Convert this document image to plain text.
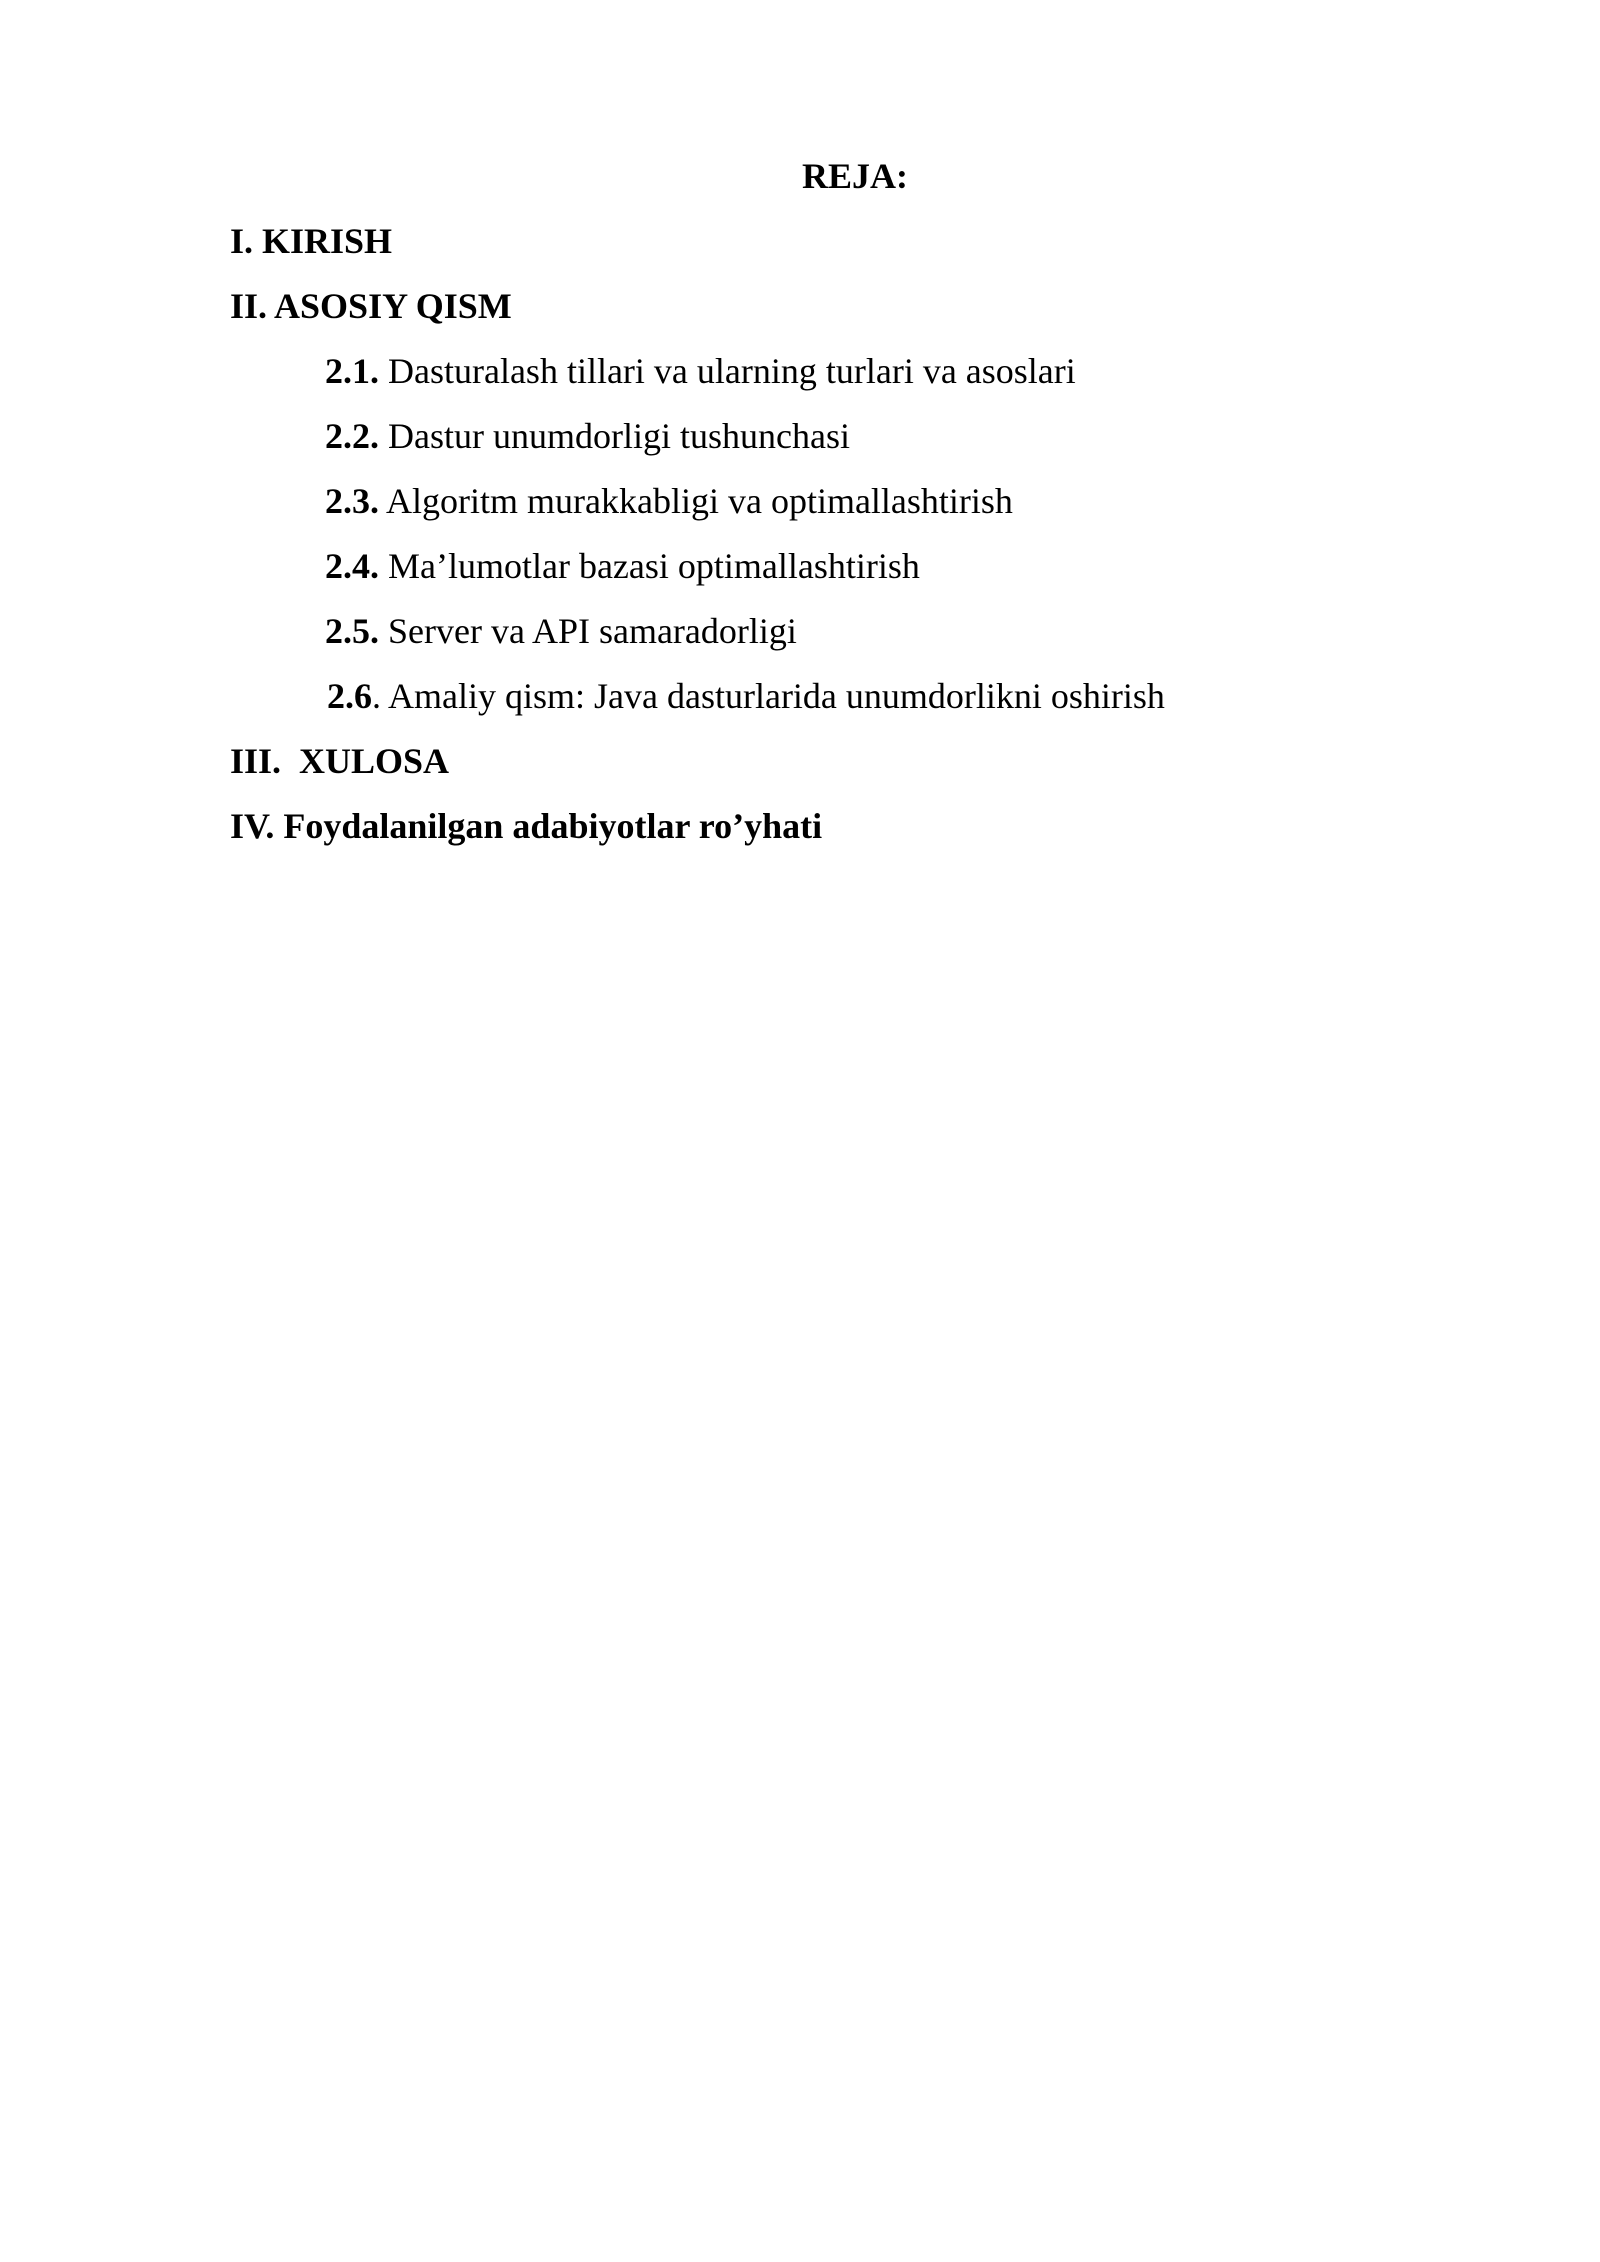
REJA:
I. KIRISH
II. ASOSIY QISM
2.1. Dasturalash tillari va ularning turlari va asoslari
2.2. Dastur unumdorligi tushunchasi
2.3. Algoritm murakkabligi va optimallashtirish
2.4. Ma’lumotlar bazasi optimallashtirish
2.5. Server va API samaradorligi
2.6. Amaliy qism: Java dasturlarida unumdorlikni oshirish
III.  XULOSA
IV. Foydalanilgan adabiyotlar ro’yhati
